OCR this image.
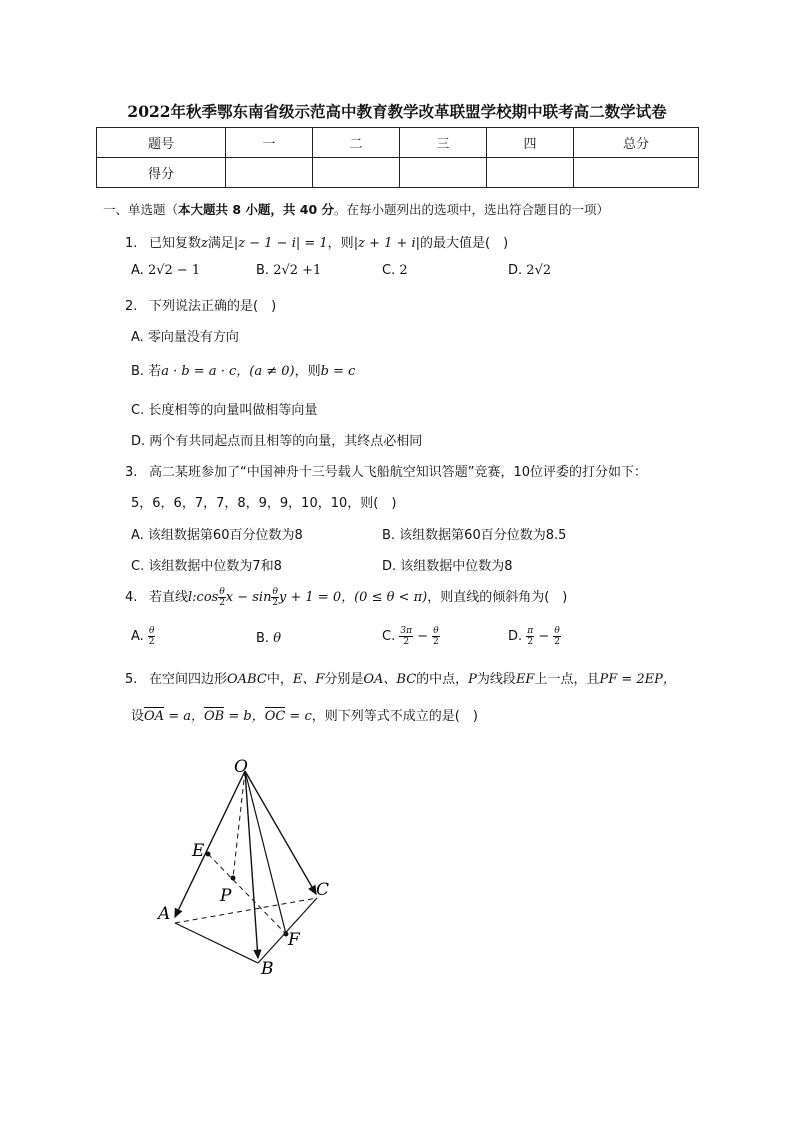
2022年秋季鄂东南省级示范高中教育教学改革联盟学校期中联考高二数学试卷
题号	一	二	三	四	总分
得分					
一、单选题（本大题共 8 小题，共 40 分。在每小题列出的选项中，选出符合题目的一项）
1. 已知复数z满足|z − 1 − i| = 1，则|z + 1 + i|的最大值是(　)
A. 2√2 − 1	B. 2√2 +1	C. 2	D. 2√2
2. 下列说法正确的是(　)
A. 零向量没有方向
B. 若a · b = a · c，(a ≠ 0)，则b = c
C. 长度相等的向量叫做相等向量
D. 两个有共同起点而且相等的向量，其终点必相同
3. 高二某班参加了“中国神舟十三号载人飞船航空知识答题”竞赛，10位评委的打分如下：
5，6，6，7，7，8，9，9，10，10，则(　)
A. 该组数据第60百分位数为8	B. 该组数据第60百分位数为8.5
C. 该组数据中位数为7和8	D. 该组数据中位数为8
4. 若直线l:cos $\frac{\theta}{2}$ $x - \sin \frac{\theta}{2}$ y + 1 = 0，(0 ≤ θ < π)，则直线的倾斜角为(　)
A. $\frac{\theta}{2}$	B. θ	C. $\frac{3\pi}{2} - \frac{\theta}{2}$	D. $\frac{\pi}{2} - \frac{\theta}{2}$
5. 在空间四边形OABC中，E、F分别是OA、BC的中点，P为线段EF上一点，且PF = 2EP，
设OA = a，OB = b，OC = c，则下列等式不成立的是(　)
O
E
P	C
A
F
B
